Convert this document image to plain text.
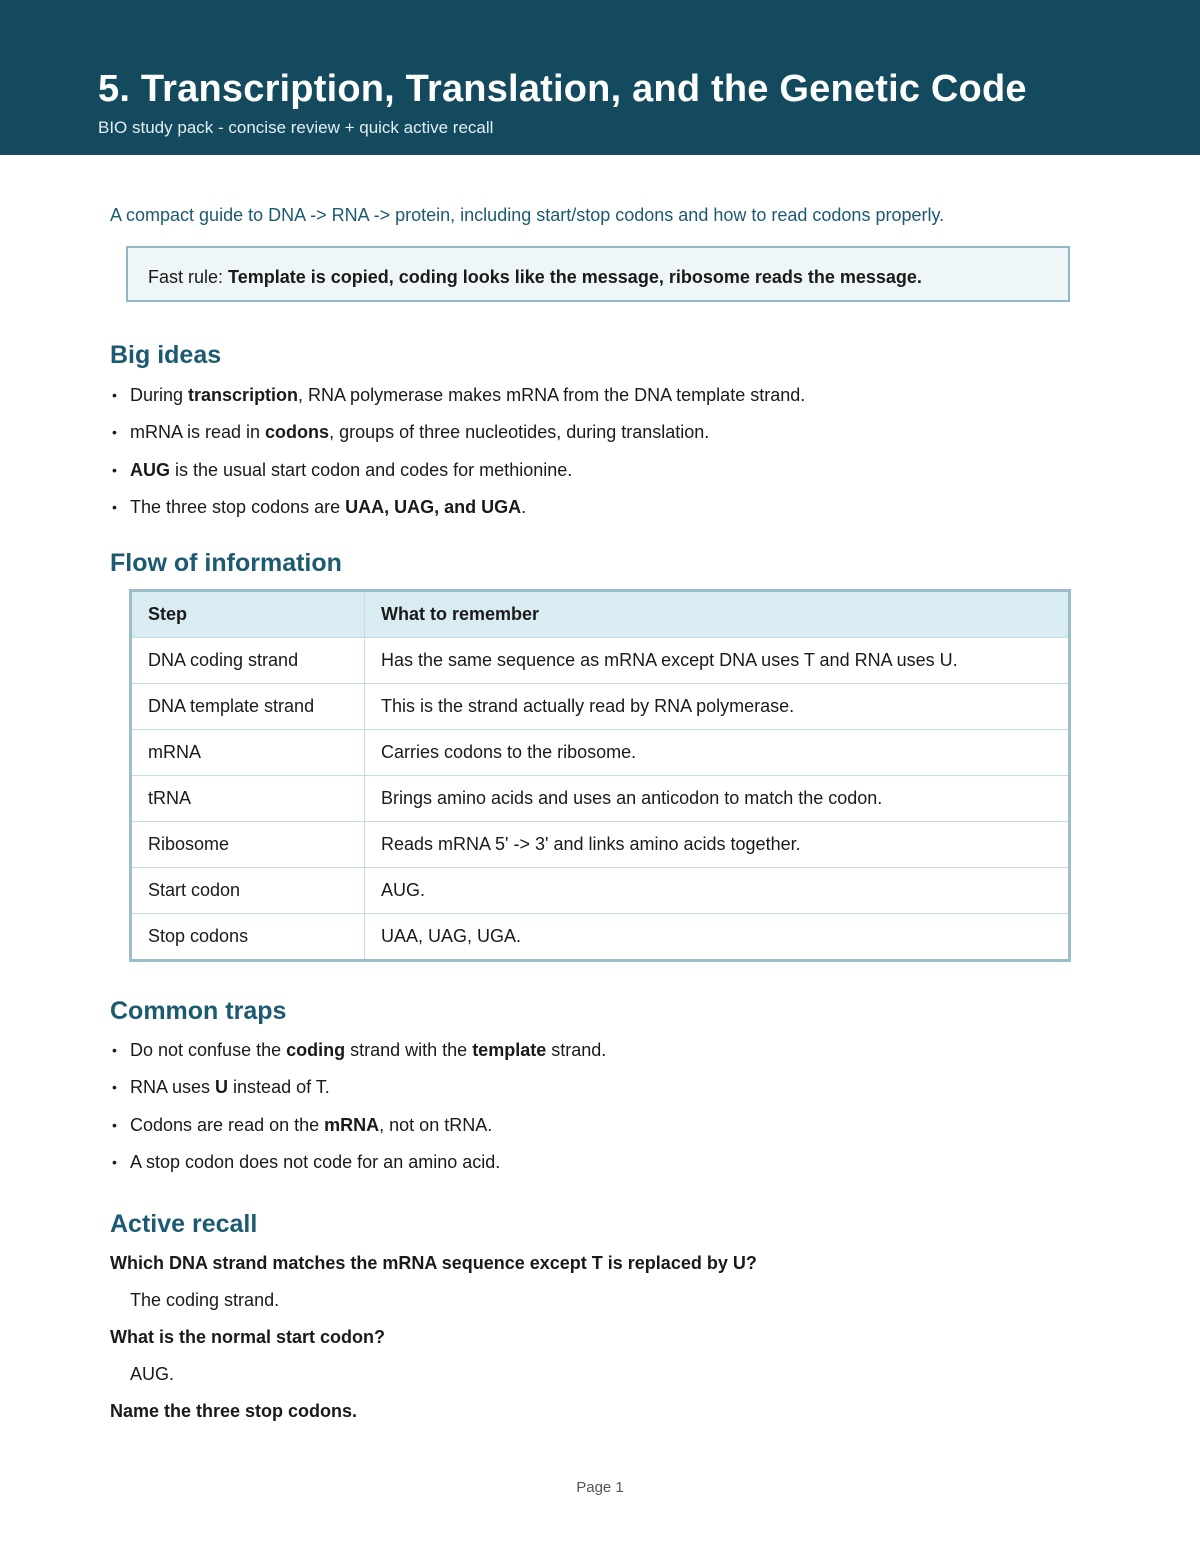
5. Transcription, Translation, and the Genetic Code
BIO study pack - concise review + quick active recall
A compact guide to DNA -> RNA -> protein, including start/stop codons and how to read codons properly.
Fast rule: Template is copied, coding looks like the message, ribosome reads the message.
Big ideas
• During transcription, RNA polymerase makes mRNA from the DNA template strand.
• mRNA is read in codons, groups of three nucleotides, during translation.
• AUG is the usual start codon and codes for methionine.
• The three stop codons are UAA, UAG, and UGA.
Flow of information
Step	What to remember
DNA coding strand	Has the same sequence as mRNA except DNA uses T and RNA uses U.
DNA template strand	This is the strand actually read by RNA polymerase.
mRNA	Carries codons to the ribosome.
tRNA	Brings amino acids and uses an anticodon to match the codon.
Ribosome	Reads mRNA 5' -> 3' and links amino acids together.
Start codon	AUG.
Stop codons	UAA, UAG, UGA.
Common traps
• Do not confuse the coding strand with the template strand.
• RNA uses U instead of T.
• Codons are read on the mRNA, not on tRNA.
• A stop codon does not code for an amino acid.
Active recall
Which DNA strand matches the mRNA sequence except T is replaced by U?
The coding strand.
What is the normal start codon?
AUG.
Name the three stop codons.
Page 1
